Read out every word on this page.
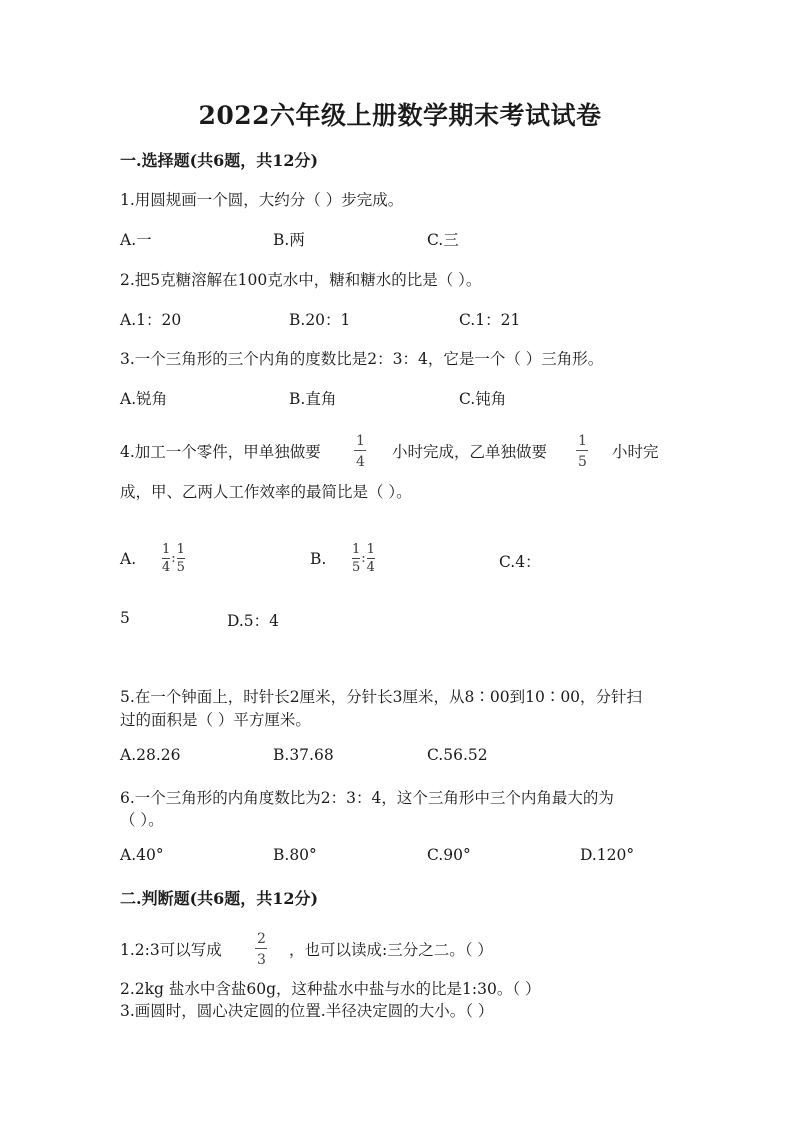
2022六年级上册数学期末考试试卷
一.选择题(共6题，共12分)
1.用圆规画一个圆，大约分（ ）步完成。
A.一	B.两	C.三
2.把5克糖溶解在100克水中，糖和糖水的比是（ ）。
A.1：20	B.20：1	C.1：21
3.一个三角形的三个内角的度数比是2：3：4，它是一个（ ）三角形。
A.锐角	B.直角	C.钝角
4.加工一个零件，甲单独做要
1
4
小时完成，乙单独做要
1
5
小时完
成，甲、乙两人工作效率的最简比是（ ）。
A.
1
4
:
1
5	B.
1
5
:
1
4	C.4：
5	D.5：4
5.在一个钟面上，时针长2厘米，分针长3厘米，从8∶00到10∶00，分针扫
过的面积是（ ）平方厘米。
A.28.26	B.37.68	C.56.52
6.一个三角形的内角度数比为2：3：4，这个三角形中三个内角最大的为
（ ）。
A.40°	B.80°	C.90°	D.120°
二.判断题(共6题，共12分)
1.2:3可以写成
2
3
，也可以读成:三分之二。（ ）
2.2kg 盐水中含盐60g，这种盐水中盐与水的比是1:30。（ ）
3.画圆时，圆心决定圆的位置.半径决定圆的大小。（ ）
